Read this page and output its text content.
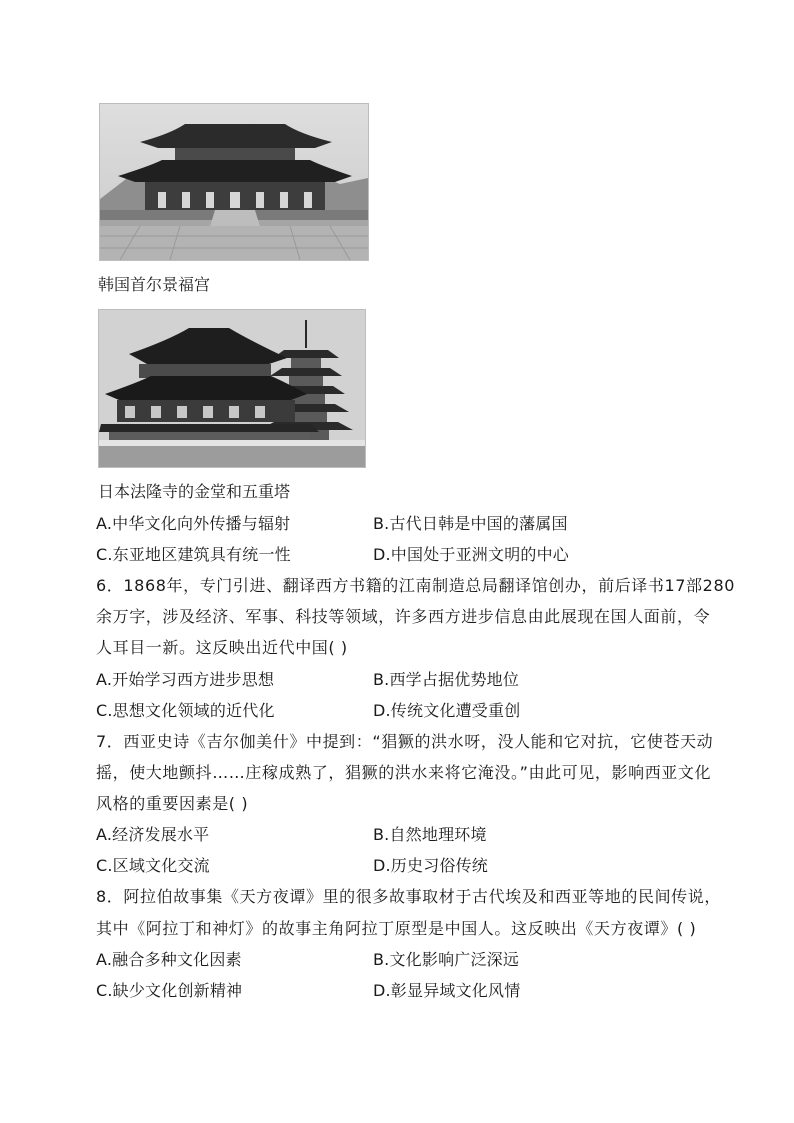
韩国首尔景福宫
日本法隆寺的金堂和五重塔
A.中华文化向外传播与辐射	B.古代日韩是中国的藩属国
C.东亚地区建筑具有统一性	D.中国处于亚洲文明的中心
6．1868年，专门引进、翻译西方书籍的江南制造总局翻译馆创办，前后译书17部280
余万字，涉及经济、军事、科技等领域，许多西方进步信息由此展现在国人面前，令
人耳目一新。这反映出近代中国( )
A.开始学习西方进步思想	B.西学占据优势地位
C.思想文化领域的近代化	D.传统文化遭受重创
7．西亚史诗《吉尔伽美什》中提到：“猖獗的洪水呀，没人能和它对抗，它使苍天动
摇，使大地颤抖……庄稼成熟了，猖獗的洪水来将它淹没。”由此可见，影响西亚文化
风格的重要因素是( )
A.经济发展水平	B.自然地理环境
C.区域文化交流	D.历史习俗传统
8．阿拉伯故事集《天方夜谭》里的很多故事取材于古代埃及和西亚等地的民间传说，
其中《阿拉丁和神灯》的故事主角阿拉丁原型是中国人。这反映出《天方夜谭》( )
A.融合多种文化因素	B.文化影响广泛深远
C.缺少文化创新精神	D.彰显异域文化风情
